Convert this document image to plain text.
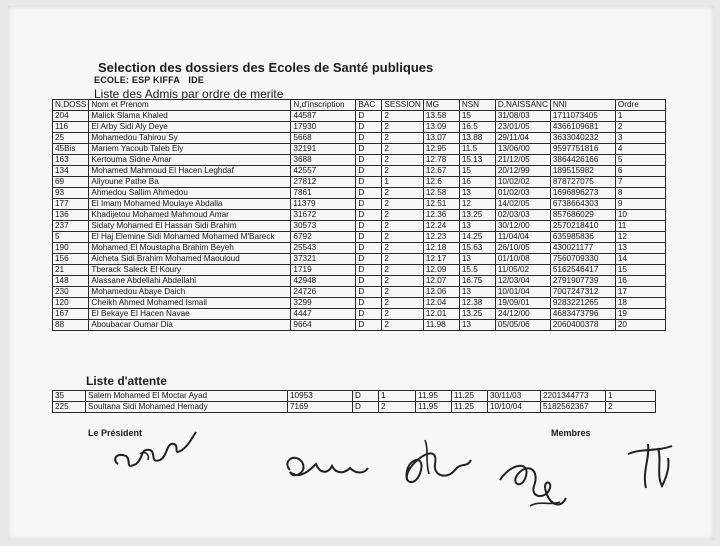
Selection des dossiers des Ecoles de Santé publiques
ECOLE: ESP KIFFA IDE
Liste des Admis par ordre de merite
N,DOSS	Nom et Prenom	N,d'inscription	BAC	SESSION	MG	NSN	D,NAISSANC	NNI	Ordre
204	Malick Slama Khaled	44587	D	2	13.58	15	31/08/03	1711073405	1
116	El Arby Sidi Aly Deye	17930	D	2	13.09	16.5	23/01/05	4366109681	2
25	Mohamedou Tahirou Sy	5668	D	2	13.07	13.88	29/11/04	3633040232	3
45Bis	Mariem Yacoub Taleb Ely	32191	D	2	12.95	11.5	13/06/00	9597751816	4
163	Kertouma Sidne Amar	3688	D	2	12.78	15.13	21/12/05	3864426166	5
134	Mohamed Mahmoud El Hacen Leghdaf	42557	D	2	12.67	15	20/12/99	189515982	6
69	Aliyoune Pathe Ba	27812	D	1	12.6	16	10/02/02	878727075	7
93	Ahmedou Sallim Ahmedou	7861	D	2	12.58	13	01/02/03	1696896273	8
177	El Imam Mohamed Moulaye Abdalla	11379	D	2	12.51	12	14/02/05	6738664303	9
136	Khadijetou Mohamed Mahmoud Amar	31672	D	2	12.36	13.25	02/03/03	857686029	10
237	Sidaty Mohamed El Hassan Sidi Brahim	30573	D	2	12.24	13	30/12/00	2570218410	11
5	El Haj Elemine Sidi Mohamed Mohamed M'Bareck	6792	D	2	12.23	14.25	11/04/04	635985836	12
190	Mohamed El Moustapha Brahim Beyeh	25543	D	2	12.18	15.63	26/10/05	430021177	13
156	Aicheta Sidi Brahim Mohamed Maouloud	37321	D	2	12.17	13	01/10/08	7560709330	14
21	Tberack Saleck El Koury	1719	D	2	12.09	15.5	11/05/02	5162546417	15
148	Alassane Abdellahi Abdellahi	42948	D	2	12.07	16.75	12/03/04	2791907739	16
230	Mohamedou Abaye Daich	24726	D	2	12.06	13	10/01/04	7007247312	17
120	Cheikh Ahmed Mohamed Ismail	3299	D	2	12.04	12.38	19/09/01	9283221265	18
167	El Bekaye El Hacen Navae	4447	D	2	12.01	13.25	24/12/00	4683473796	19
88	Aboubacar Oumar Dia	9664	D	2	11.98	13	05/05/06	2060400378	20
Liste d'attente
35	Salem Mohamed El Moctar Ayad	10953	D	1	11.95	11.25	30/11/03	2201344773	1
225	Soultana Sidi Mohamed Hemady	7169	D	2	11.95	11.25	10/10/04	5182562367	2
Le Président	Membres
